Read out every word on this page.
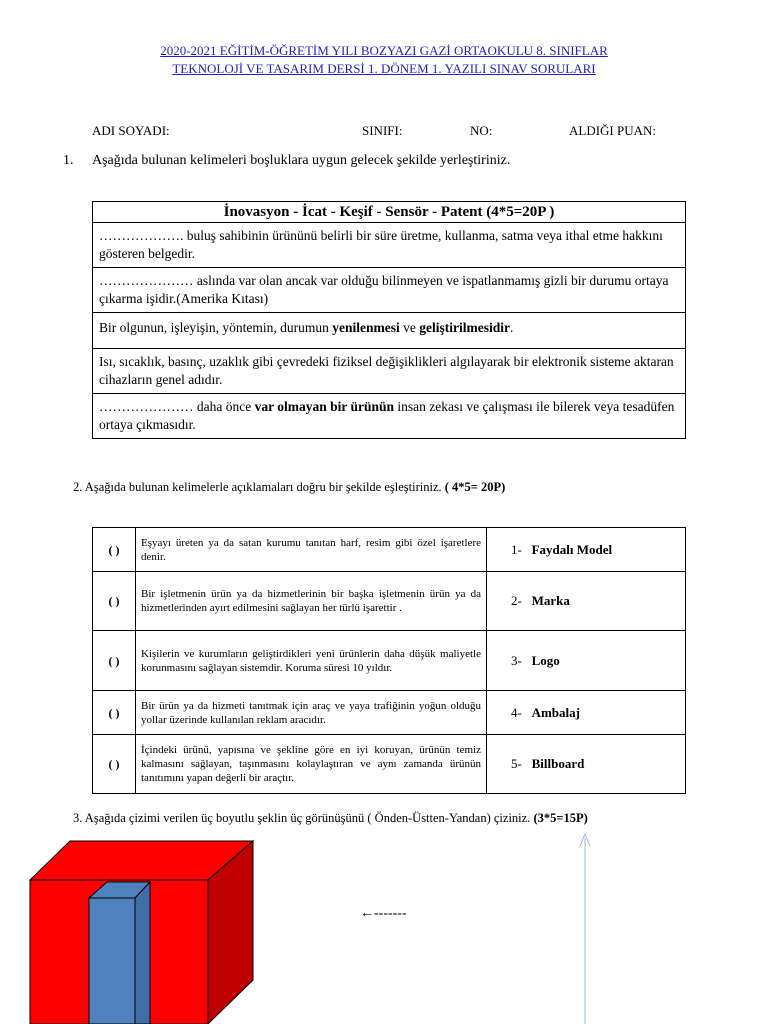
2020-2021 EĞİTİM-ÖĞRETİM YILI BOZYAZI GAZİ ORTAOKULU 8. SINIFLAR
TEKNOLOJİ VE TASARIM DERSİ 1. DÖNEM 1. YAZILI SINAV SORULARI
ADI SOYADI:	SINIFI:	NO:	ALDIĞI PUAN:
1. Aşağıda bulunan kelimeleri boşluklara uygun gelecek şekilde yerleştiriniz.
İnovasyon - İcat - Keşif - Sensör - Patent (4*5=20P )
………………. buluş sahibinin ürününü belirli bir süre üretme, kullanma, satma veya ithal etme hakkını gösteren belgedir.
………………… aslında var olan ancak var olduğu bilinmeyen ve ispatlanmamış gizli bir durumu ortaya çıkarma işidir.(Amerika Kıtası)
Bir olgunun, işleyişin, yöntemin, durumun yenilenmesi ve geliştirilmesidir.
Isı, sıcaklık, basınç, uzaklık gibi çevredeki fiziksel değişiklikleri algılayarak bir elektronik sisteme aktaran cihazların genel adıdır.
………………… daha önce var olmayan bir ürünün insan zekası ve çalışması ile bilerek veya tesadüfen ortaya çıkmasıdır.
2. Aşağıda bulunan kelimelerle açıklamaları doğru bir şekilde eşleştiriniz. ( 4*5= 20P)
( )	Eşyayı üreten ya da satan kurumu tanıtan harf, resim gibi özel işaretlere denir.	1- Faydalı Model
( )	Bir işletmenin ürün ya da hizmetlerinin bir başka işletmenin ürün ya da hizmetlerinden ayırt edilmesini sağlayan her türlü işarettir .	2- Marka
( )	Kişilerin ve kurumların geliştirdikleri yeni ürünlerin daha düşük maliyetle korunmasını sağlayan sistemdir. Koruma süresi 10 yıldır.	3- Logo
( )	Bir ürün ya da hizmeti tanıtmak için araç ve yaya trafiğinin yoğun olduğu yollar üzerinde kullanılan reklam aracıdır.	4- Ambalaj
( )	İçindeki ürünü, yapısına ve şekline göre en iyi koruyan, ürünün temiz kalmasını sağlayan, taşınmasını kolaylaştıran ve aynı zamanda ürünün tanıtımını yapan değerli bir araçtır.	5- Billboard
3. Aşağıda çizimi verilen üç boyutlu şeklin üç görünüşünü ( Önden-Üstten-Yandan) çiziniz. (3*5=15P)
←-------
